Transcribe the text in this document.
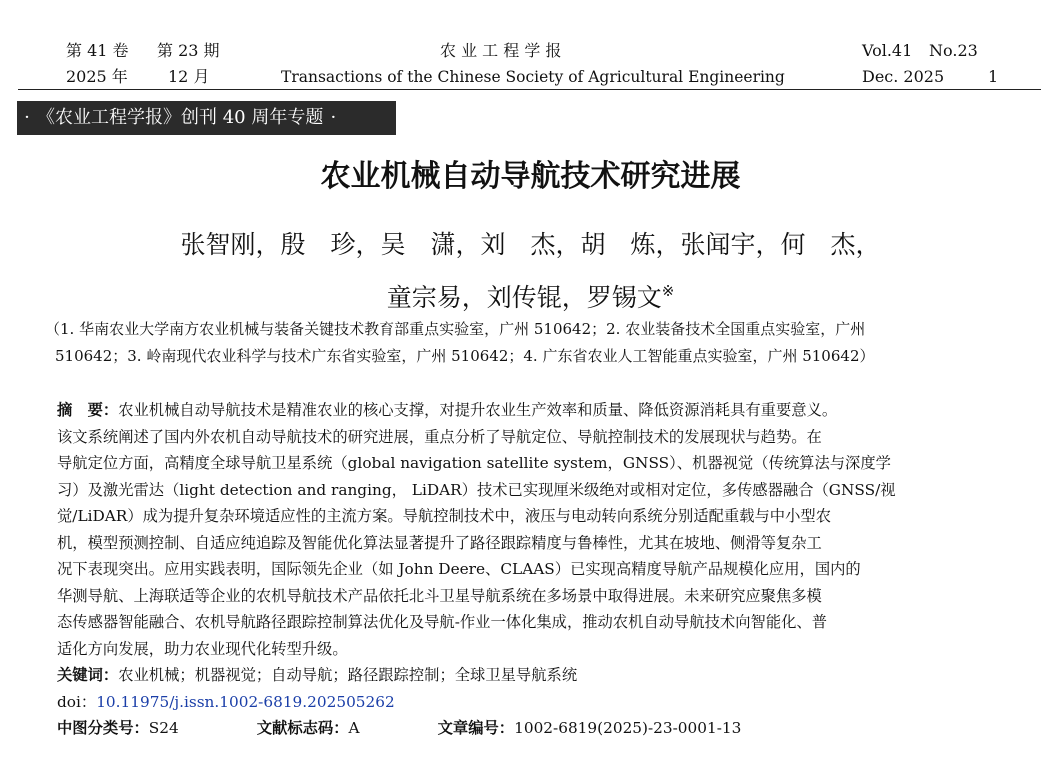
第 41 卷 第 23 期	农 业 工 程 学 报	Vol.41 No.23
2025 年	12 月	Transactions of the Chinese Society of Agricultural Engineering	Dec. 2025	1
· 《农业工程学报》创刊 40 周年专题 ·
农业机械自动导航技术研究进展
张智刚，殷　珍，吴　潇，刘　杰，胡　炼，张闻宇，何　杰，
童宗易，刘传锟，罗锡文※
（1. 华南农业大学南方农业机械与装备关键技术教育部重点实验室，广州 510642；2. 农业装备技术全国重点实验室，广州
510642；3. 岭南现代农业科学与技术广东省实验室，广州 510642；4. 广东省农业人工智能重点实验室，广州 510642）
摘　要：农业机械自动导航技术是精准农业的核心支撑，对提升农业生产效率和质量、降低资源消耗具有重要意义。
该文系统阐述了国内外农机自动导航技术的研究进展，重点分析了导航定位、导航控制技术的发展现状与趋势。在
导航定位方面，高精度全球导航卫星系统（global navigation satellite system，GNSS）、机器视觉（传统算法与深度学
习）及激光雷达（light detection and ranging， LiDAR）技术已实现厘米级绝对或相对定位，多传感器融合（GNSS/视
觉/LiDAR）成为提升复杂环境适应性的主流方案。导航控制技术中，液压与电动转向系统分别适配重载与中小型农
机，模型预测控制、自适应纯追踪及智能优化算法显著提升了路径跟踪精度与鲁棒性，尤其在坡地、侧滑等复杂工
况下表现突出。应用实践表明，国际领先企业（如 John Deere、CLAAS）已实现高精度导航产品规模化应用，国内的
华测导航、上海联适等企业的农机导航技术产品依托北斗卫星导航系统在多场景中取得进展。未来研究应聚焦多模
态传感器智能融合、农机导航路径跟踪控制算法优化及导航-作业一体化集成，推动农机自动导航技术向智能化、普
适化方向发展，助力农业现代化转型升级。
关键词：农业机械；机器视觉；自动导航；路径跟踪控制；全球卫星导航系统
doi：10.11975/j.issn.1002-6819.202505262
中图分类号：S24	文献标志码：A	文章编号：1002-6819(2025)-23-0001-13
